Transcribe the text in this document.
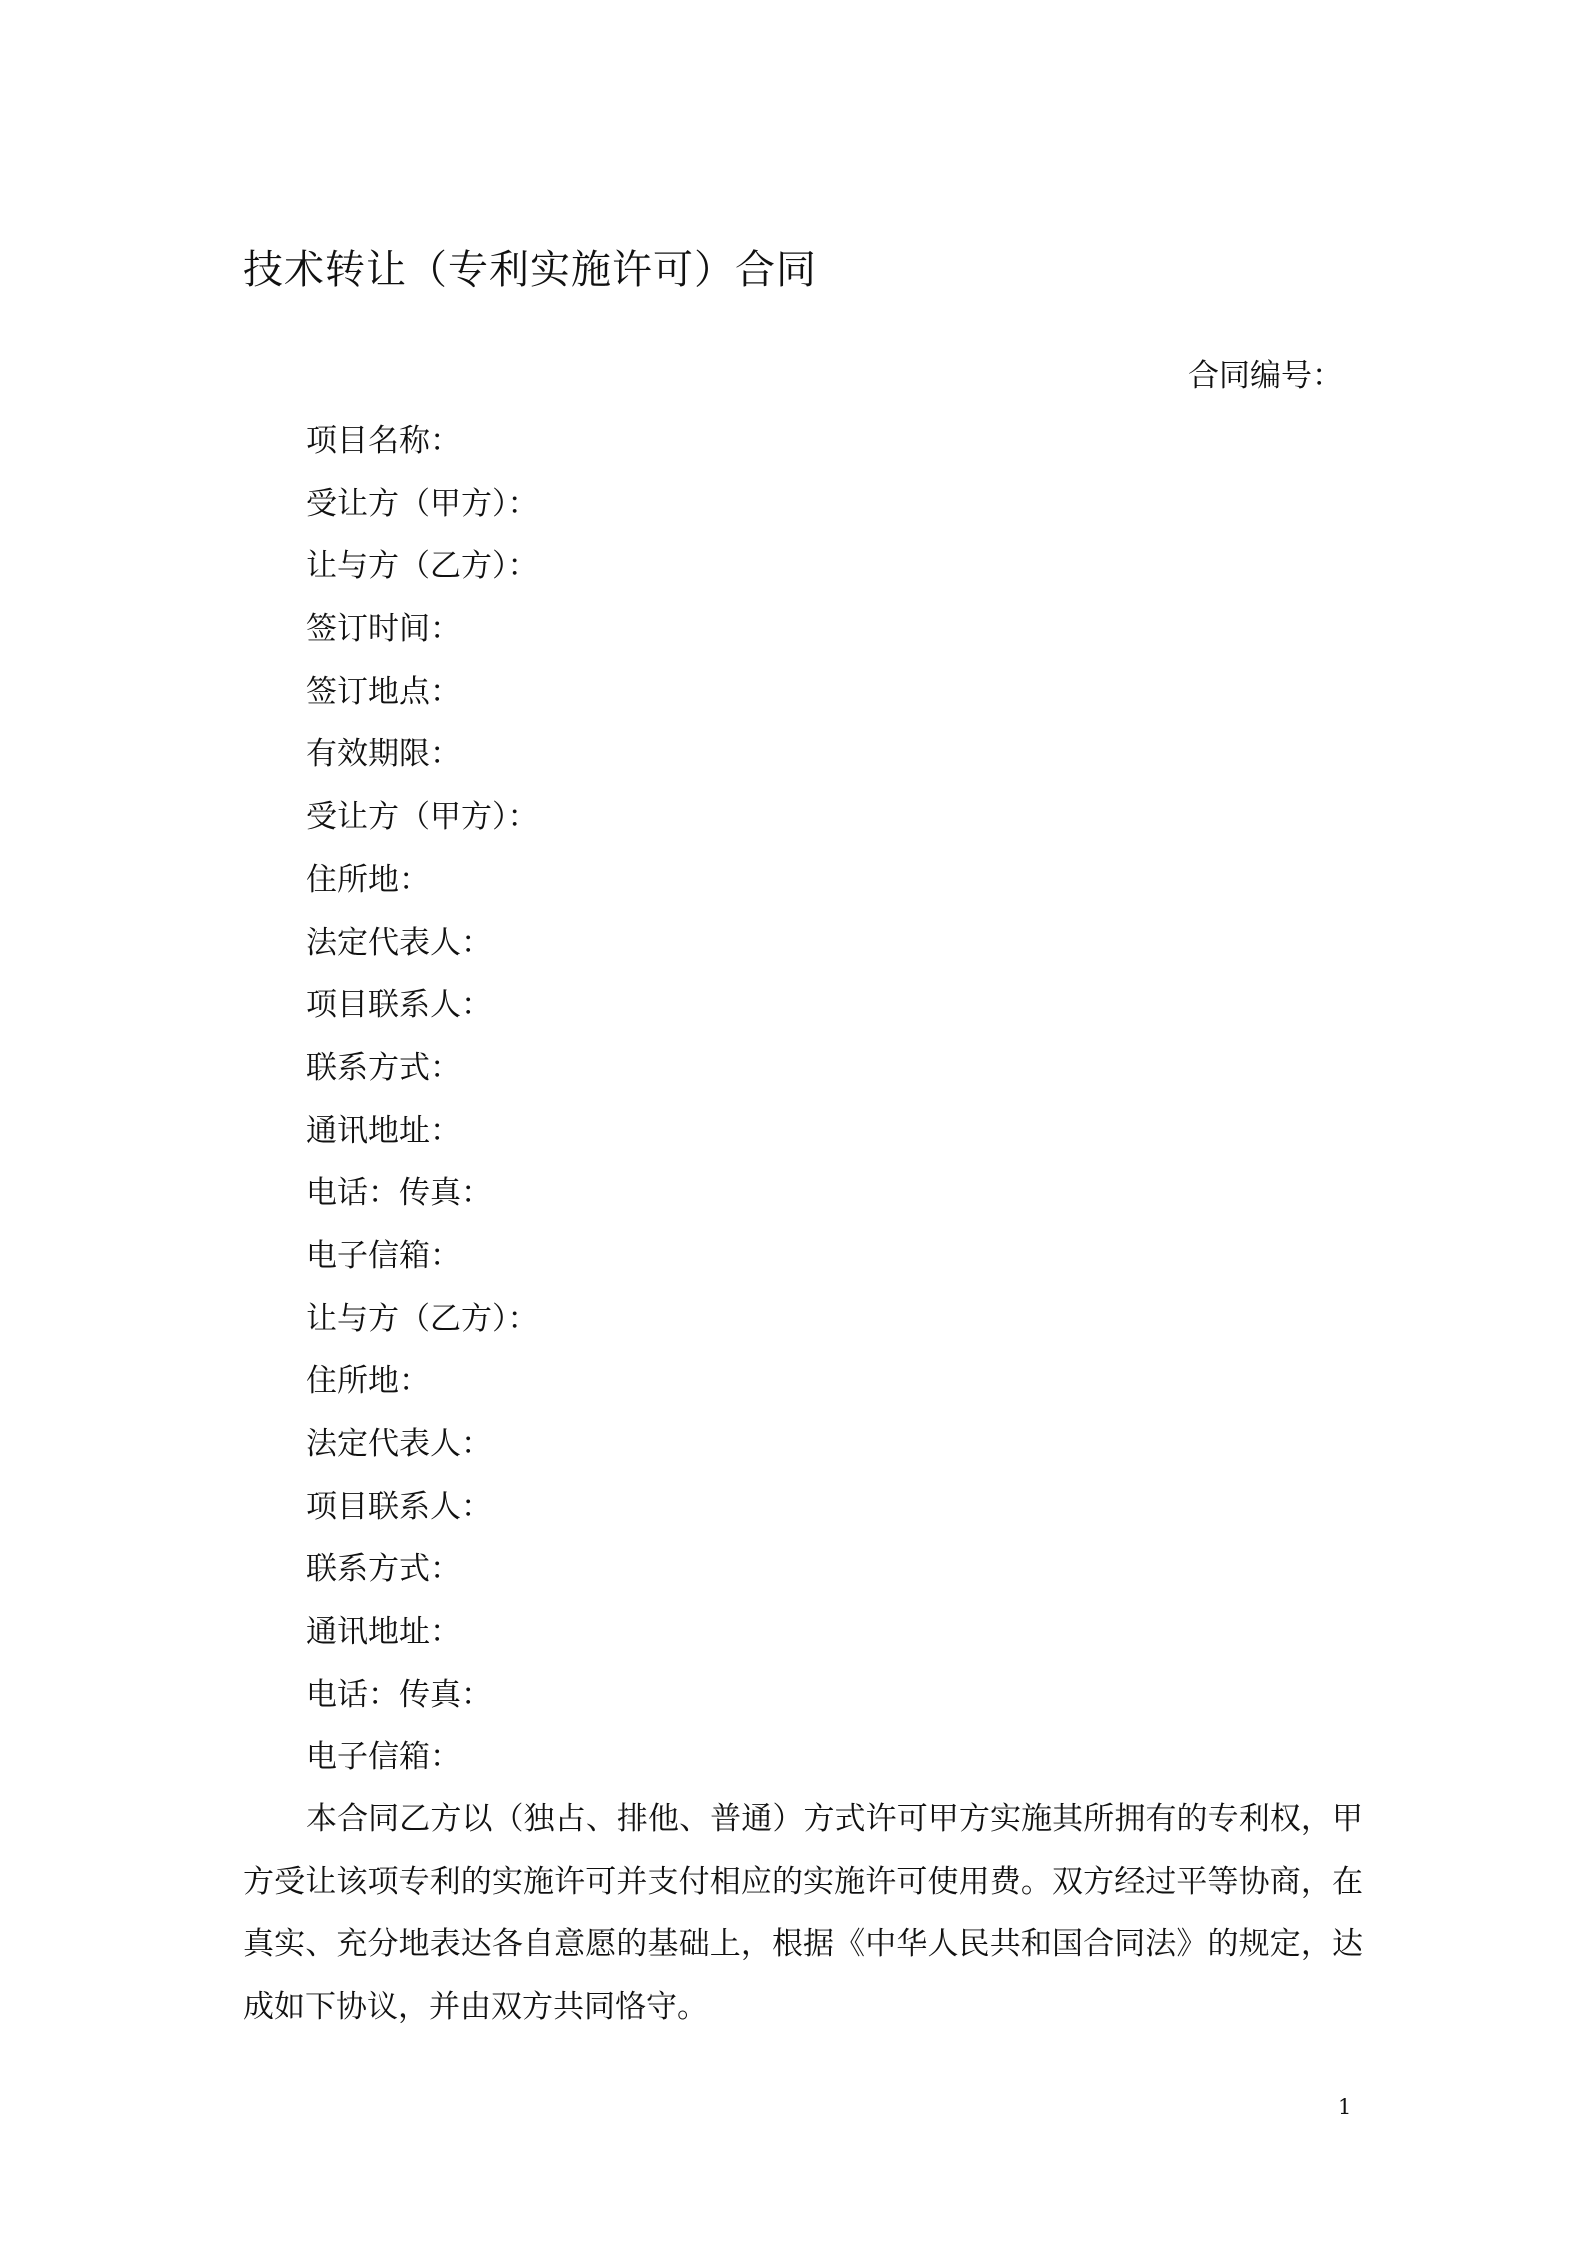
技术转让（专利实施许可）合同
合同编号：
项目名称：
受让方（甲方）：
让与方（乙方）：
签订时间：
签订地点：
有效期限：
受让方（甲方）：
住所地：
法定代表人：
项目联系人：
联系方式：
通讯地址：
电话：传真：
电子信箱：
让与方（乙方）：
住所地：
法定代表人：
项目联系人：
联系方式：
通讯地址：
电话：传真：
电子信箱：

本合同乙方以（独占、排他、普通）方式许可甲方实施其所拥有的专利权，甲方受让该项专利的实施许可并支付相应的实施许可使用费。双方经过平等协商，在真实、充分地表达各自意愿的基础上，根据《中华人民共和国合同法》的规定，达成如下协议，并由双方共同恪守。

1
